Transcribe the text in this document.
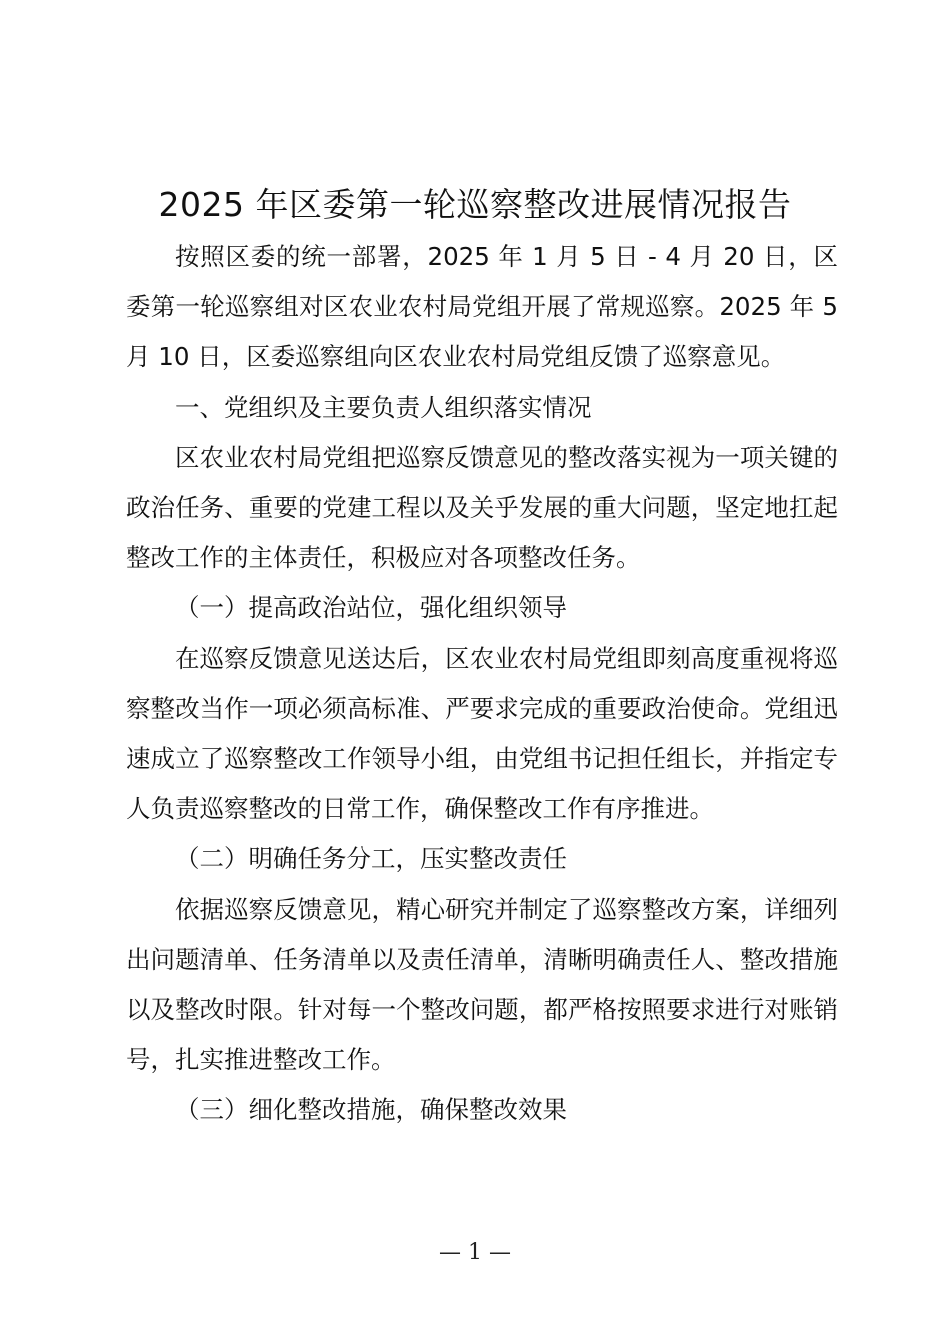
2025 年区委第一轮巡察整改进展情况报告

按照区委的统一部署，2025 年 1 月 5 日 - 4 月 20 日，区委第一轮巡察组对区农业农村局党组开展了常规巡察。2025 年 5 月 10 日，区委巡察组向区农业农村局党组反馈了巡察意见。

一、党组织及主要负责人组织落实情况

区农业农村局党组把巡察反馈意见的整改落实视为一项关键的政治任务、重要的党建工程以及关乎发展的重大问题，坚定地扛起整改工作的主体责任，积极应对各项整改任务。

（一）提高政治站位，强化组织领导

在巡察反馈意见送达后，区农业农村局党组即刻高度重视将巡察整改当作一项必须高标准、严要求完成的重要政治使命。党组迅速成立了巡察整改工作领导小组，由党组书记担任组长，并指定专人负责巡察整改的日常工作，确保整改工作有序推进。

（二）明确任务分工，压实整改责任

依据巡察反馈意见，精心研究并制定了巡察整改方案，详细列出问题清单、任务清单以及责任清单，清晰明确责任人、整改措施以及整改时限。针对每一个整改问题，都严格按照要求进行对账销号，扎实推进整改工作。

（三）细化整改措施，确保整改效果

— 1 —
